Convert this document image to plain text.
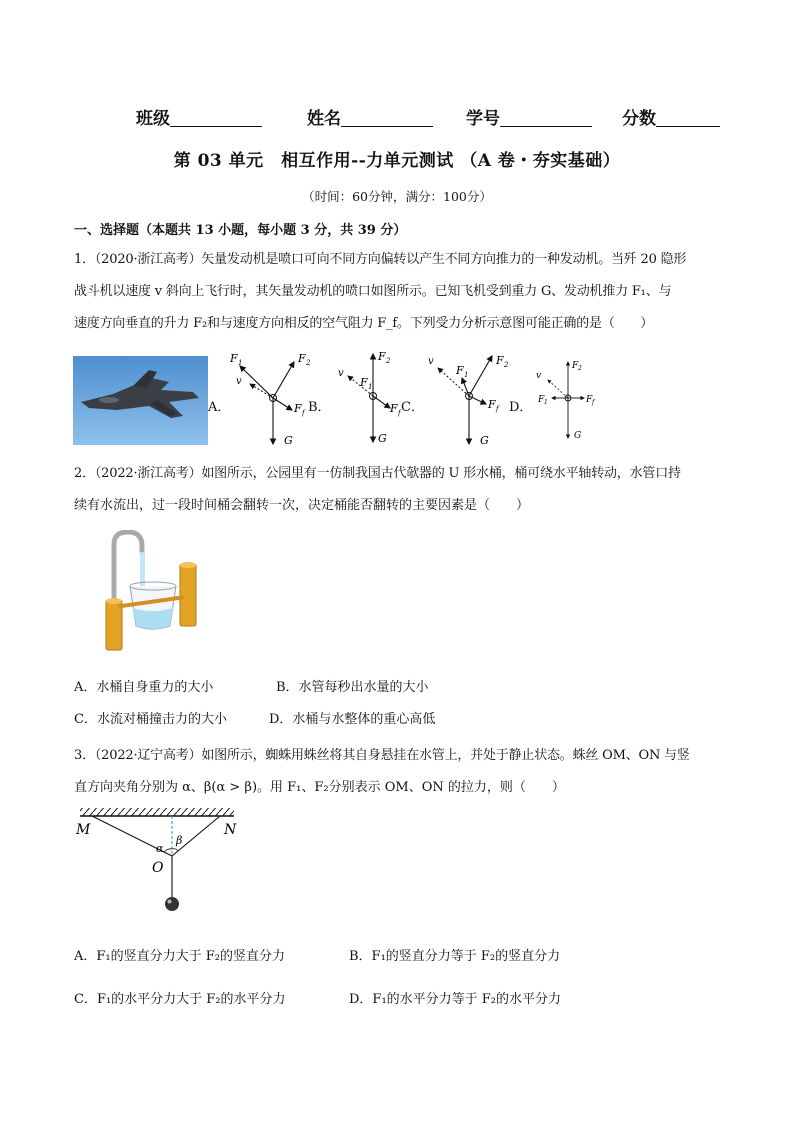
班级	姓名	学号	分数
第 03 单元　相互作用--力单元测试 （A 卷・夯实基础）
（时间：60分钟，满分：100分）
一、选择题（本题共 13 小题，每小题 3 分，共 39 分）
1．（2020·浙江高考）矢量发动机是喷口可向不同方向偏转以产生不同方向推力的一种发动机。当歼 20 隐形
战斗机以速度 v 斜向上飞行时，其矢量发动机的喷口如图所示。已知飞机受到重力 G、发动机推力 F₁、与
速度方向垂直的升力 F₂和与速度方向相反的空气阻力 F_f。下列受力分析示意图可能正确的是（　　）
A．	B．	C．	D．
F 1	F 2
v
F f
G
F 2
F 1
v
F f
G
v
F 1
F 2
F f
G
v
F 2
F 1	F f
G
2．（2022·浙江高考）如图所示，公园里有一仿制我国古代欹器的 U 形水桶，桶可绕水平轴转动，水管口持
续有水流出，过一段时间桶会翻转一次，决定桶能否翻转的主要因素是（　　）
A．水桶自身重力的大小	B．水管每秒出水量的大小
C．水流对桶撞击力的大小	D．水桶与水整体的重心高低
3．（2022·辽宁高考）如图所示，蜘蛛用蛛丝将其自身悬挂在水管上，并处于静止状态。蛛丝 OM、ON 与竖
直方向夹角分别为 α、β(α > β)。用 F₁、F₂分别表示 OM、ON 的拉力，则（　　）
M	N
O
α
β
A．F₁的竖直分力大于 F₂的竖直分力	B．F₁的竖直分力等于 F₂的竖直分力
C．F₁的水平分力大于 F₂的水平分力	D．F₁的水平分力等于 F₂的水平分力
